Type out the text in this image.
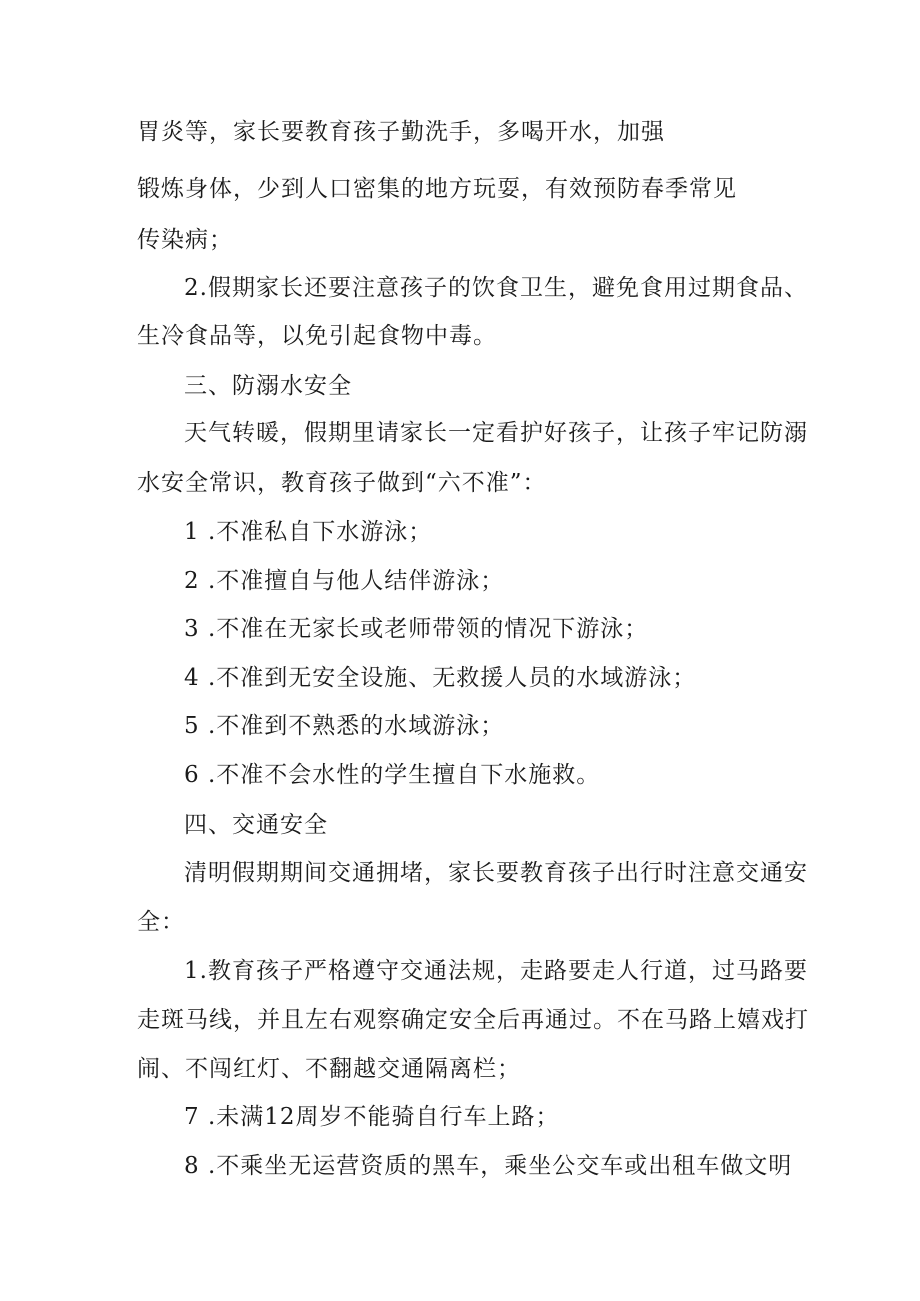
胃炎等，家长要教育孩子勤洗手，多喝开水，加强
锻炼身体，少到人口密集的地方玩耍，有效预防春季常见
传染病；
2.假期家长还要注意孩子的饮食卫生，避免食用过期食品、
生冷食品等，以免引起食物中毒。
三、防溺水安全
天气转暖，假期里请家长一定看护好孩子，让孩子牢记防溺
水安全常识，教育孩子做到“六不准”：
1 .不准私自下水游泳；
2 .不准擅自与他人结伴游泳；
3 .不准在无家长或老师带领的情况下游泳；
4 .不准到无安全设施、无救援人员的水域游泳；
5 .不准到不熟悉的水域游泳；
6 .不准不会水性的学生擅自下水施救。
四、交通安全
清明假期期间交通拥堵，家长要教育孩子出行时注意交通安
全：
1.教育孩子严格遵守交通法规，走路要走人行道，过马路要
走斑马线，并且左右观察确定安全后再通过。不在马路上嬉戏打
闹、不闯红灯、不翻越交通隔离栏；
7 .未满12周岁不能骑自行车上路；
8 .不乘坐无运营资质的黑车，乘坐公交车或出租车做文明
